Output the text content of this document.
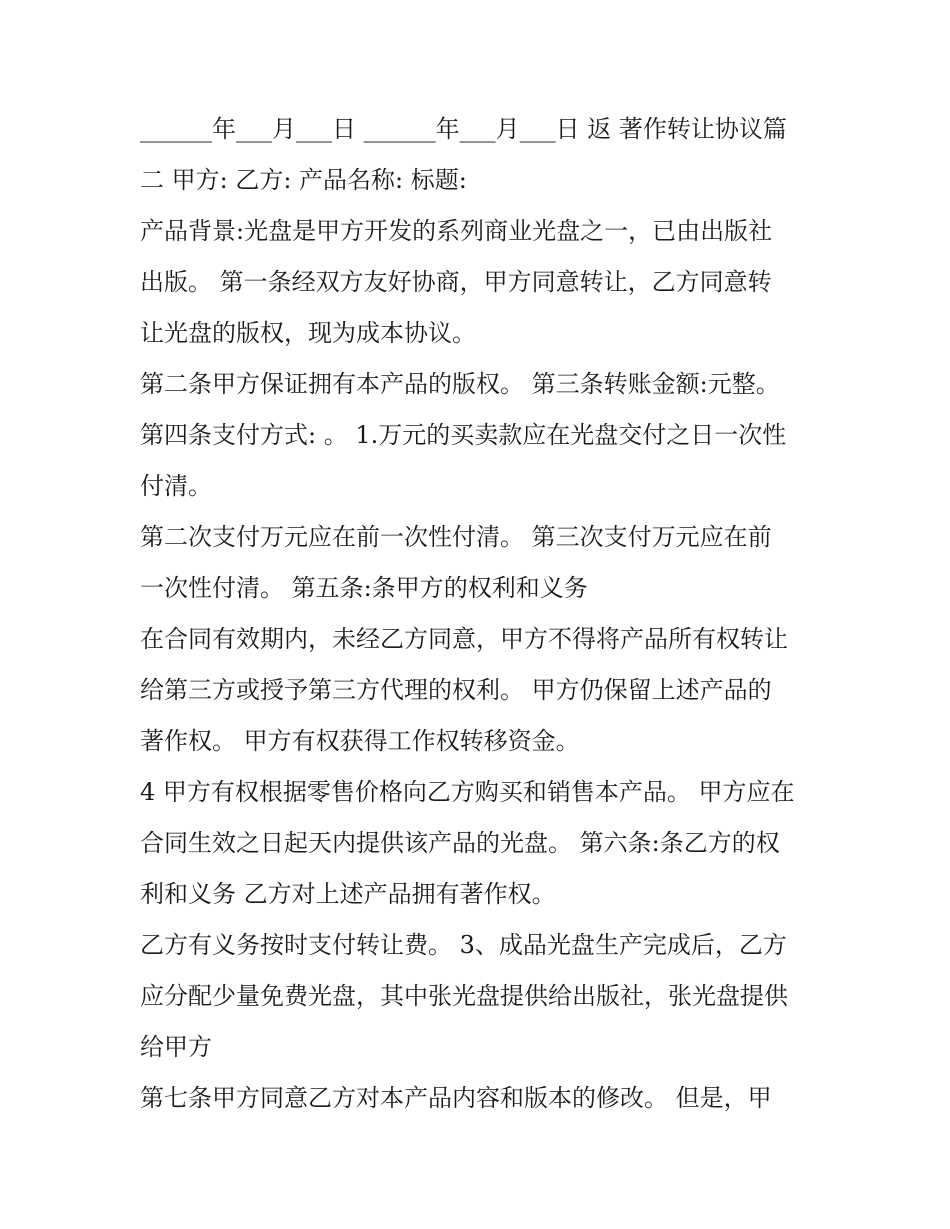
______年___月___日 ______年___月___日 返 著作转让协议篇
二 甲方: 乙方: 产品名称: 标题:
产品背景:光盘是甲方开发的系列商业光盘之一，已由出版社
出版。 第一条经双方友好协商，甲方同意转让，乙方同意转
让光盘的版权，现为成本协议。
第二条甲方保证拥有本产品的版权。 第三条转账金额:元整。
第四条支付方式: 。 1.万元的买卖款应在光盘交付之日一次性
付清。
第二次支付万元应在前一次性付清。 第三次支付万元应在前
一次性付清。 第五条:条甲方的权利和义务
在合同有效期内，未经乙方同意，甲方不得将产品所有权转让
给第三方或授予第三方代理的权利。 甲方仍保留上述产品的
著作权。 甲方有权获得工作权转移资金。
4 甲方有权根据零售价格向乙方购买和销售本产品。 甲方应在
合同生效之日起天内提供该产品的光盘。 第六条:条乙方的权
利和义务 乙方对上述产品拥有著作权。
乙方有义务按时支付转让费。 3、成品光盘生产完成后，乙方
应分配少量免费光盘，其中张光盘提供给出版社，张光盘提供
给甲方
第七条甲方同意乙方对本产品内容和版本的修改。 但是，甲
